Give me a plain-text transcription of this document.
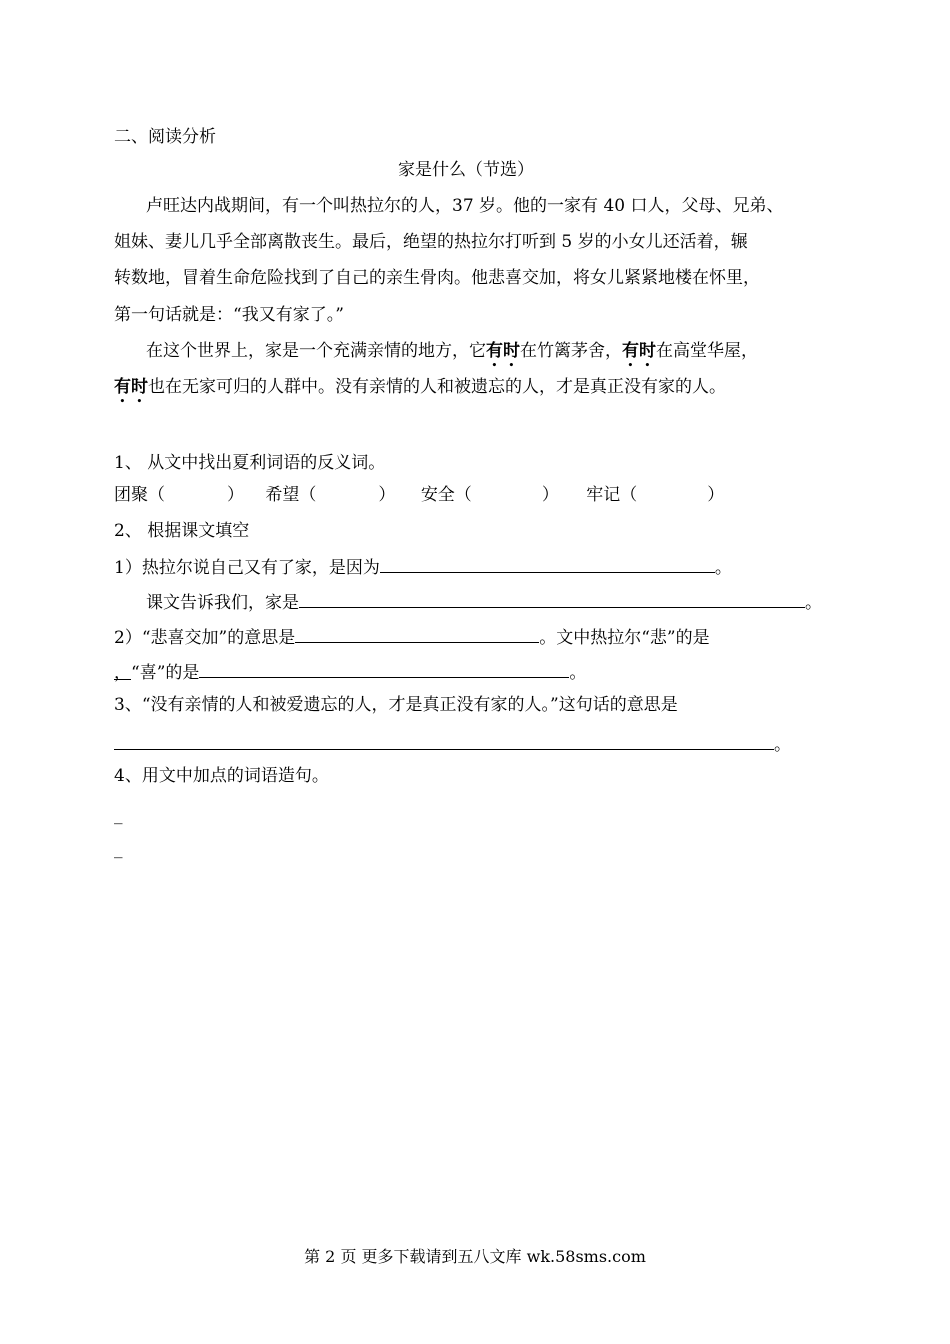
二、阅读分析
家是什么（节选）
卢旺达内战期间，有一个叫热拉尔的人，37 岁。他的一家有 40 口人，父母、兄弟、
姐妹、妻儿几乎全部离散丧生。最后，绝望的热拉尔打听到 5 岁的小女儿还活着，辗
转数地，冒着生命危险找到了自己的亲生骨肉。他悲喜交加，将女儿紧紧地楼在怀里，
第一句话就是：“我又有家了。”
在这个世界上，家是一个充满亲情的地方，它有时在竹篱茅舍，有时在高堂华屋，
有时也在无家可归的人群中。没有亲情的人和被遗忘的人，才是真正没有家的人。
1、 从文中找出夏利词语的反义词。
团聚（	） 希望（	） 安全（	） 牢记（	）
2、 根据课文填空
1）热拉尔说自己又有了家，是因为	。
课文告诉我们，家是	。
2）“悲喜交加”的意思是	。文中热拉尔“悲”的是
，“喜”的是	。
3、“没有亲情的人和被爱遗忘的人，才是真正没有家的人。”这句话的意思是
。
4、用文中加点的词语造句。
_
_
第 2 页 更多下载请到五八文库 wk.58sms.com
